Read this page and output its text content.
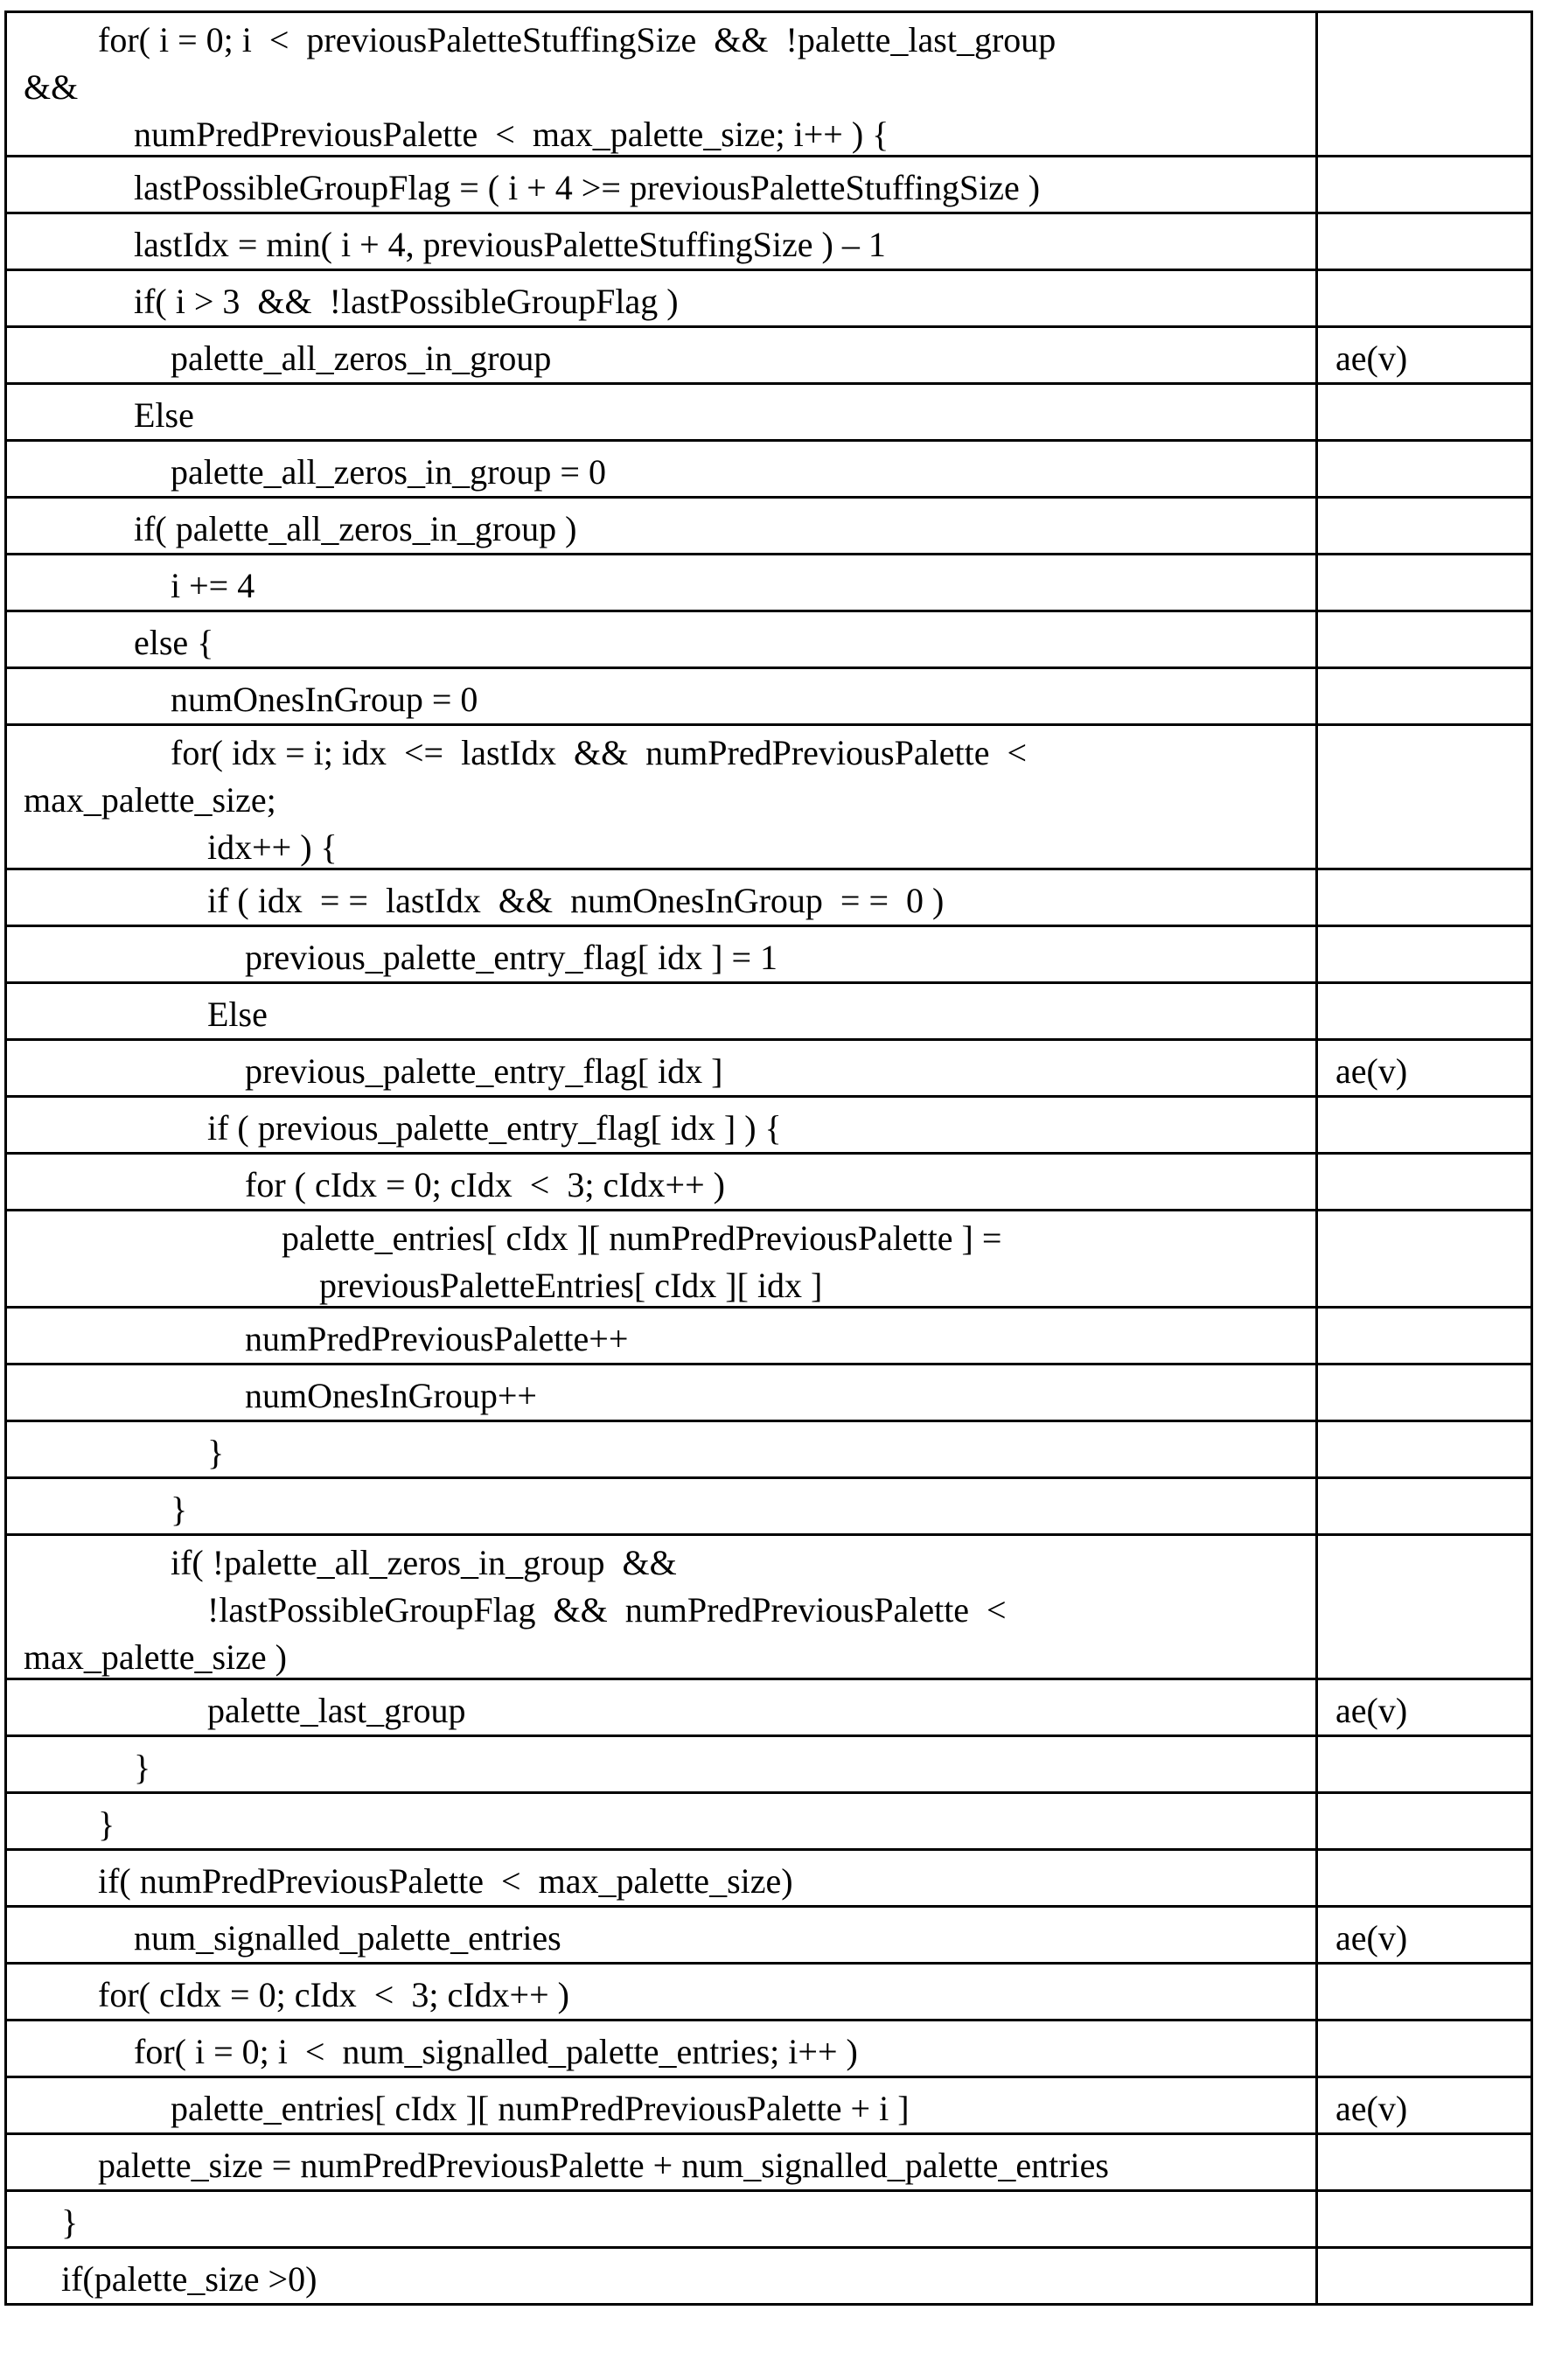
for( i = 0; i  <  previousPaletteStuffingSize  &&  !palette_last_group
&&
numPredPreviousPalette  <  max_palette_size; i++ ) {	

lastPossibleGroupFlag = ( i + 4 >= previousPaletteStuffingSize )	

lastIdx = min( i + 4, previousPaletteStuffingSize ) – 1	

if( i > 3  &&  !lastPossibleGroupFlag )	

palette_all_zeros_in_group	ae(v)

Else	

palette_all_zeros_in_group = 0	

if( palette_all_zeros_in_group )	

i += 4	

else {	

numOnesInGroup = 0	

for( idx = i; idx  <=  lastIdx  &&  numPredPreviousPalette  <
max_palette_size;
idx++ ) {	

if ( idx  = =  lastIdx  &&  numOnesInGroup  = =  0 )	

previous_palette_entry_flag[ idx ] = 1	

Else	

previous_palette_entry_flag[ idx ]	ae(v)

if ( previous_palette_entry_flag[ idx ] ) {	

for ( cIdx = 0; cIdx  <  3; cIdx++ )	

palette_entries[ cIdx ][ numPredPreviousPalette ] =
previousPaletteEntries[ cIdx ][ idx ]	

numPredPreviousPalette++	

numOnesInGroup++	

}	

}	

if( !palette_all_zeros_in_group  &&
!lastPossibleGroupFlag  &&  numPredPreviousPalette  <
max_palette_size )	

palette_last_group	ae(v)

}	

}	

if( numPredPreviousPalette  <  max_palette_size)	

num_signalled_palette_entries	ae(v)

for( cIdx = 0; cIdx  <  3; cIdx++ )	

for( i = 0; i  <  num_signalled_palette_entries; i++ )	

palette_entries[ cIdx ][ numPredPreviousPalette + i ]	ae(v)

palette_size = numPredPreviousPalette + num_signalled_palette_entries	

}	

if(palette_size >0)	
